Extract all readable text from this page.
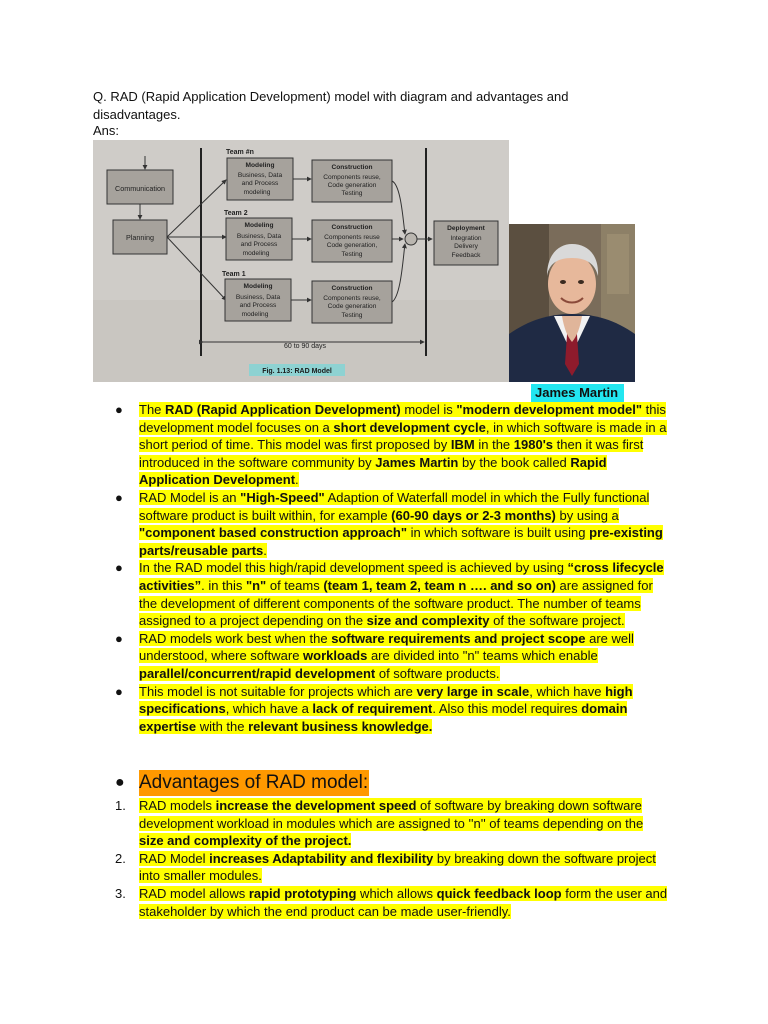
Q. RAD (Rapid Application Development) model with diagram and advantages and disadvantages.
Ans:
Communication
Planning
Team #n
Team 2
Team 1
Modeling
Business, Data
and Process
modeling
Modeling
Business, Data
and Process
modeling
Modeling
Business, Data
and Process
modeling
Construction
Components reuse,
Code generation
Testing
Construction
Components reuse
Code generation,
Testing
Construction
Components reuse,
Code generation
Testing
Deployment
Integration
Delivery
Feedback
60 to 90 days
Fig. 1.13: RAD Model
James Martin
● The RAD (Rapid Application Development) model is "modern development model" this development model focuses on a short development cycle, in which software is made in a short period of time. This model was first proposed by IBM in the 1980's then it was first introduced in the software community by James Martin by the book called Rapid Application Development.
● RAD Model is an "High-Speed" Adaption of Waterfall model in which the Fully functional software product is built within, for example (60-90 days or 2-3 months) by using a "component based construction approach" in which software is built using pre-existing parts/reusable parts.
● In the RAD model this high/rapid development speed is achieved by using “cross lifecycle activities”. in this "n" of teams (team 1, team 2, team n …. and so on) are assigned for the development of different components of the software product. The number of teams assigned to a project depending on the size and complexity of the software project.
● RAD models work best when the software requirements and project scope are well understood, where software workloads are divided into "n" teams which enable parallel/concurrent/rapid development of software products.
● This model is not suitable for projects which are very large in scale, which have high specifications, which have a lack of requirement. Also this model requires domain expertise with the relevant business knowledge.
● Advantages of RAD model:
1. RAD models increase the development speed of software by breaking down software development workload in modules which are assigned to ''n'' of teams depending on the size and complexity of the project.
2. RAD Model increases Adaptability and flexibility by breaking down the software project into smaller modules.
3. RAD model allows rapid prototyping which allows quick feedback loop form the user and stakeholder by which the end product can be made user-friendly.
